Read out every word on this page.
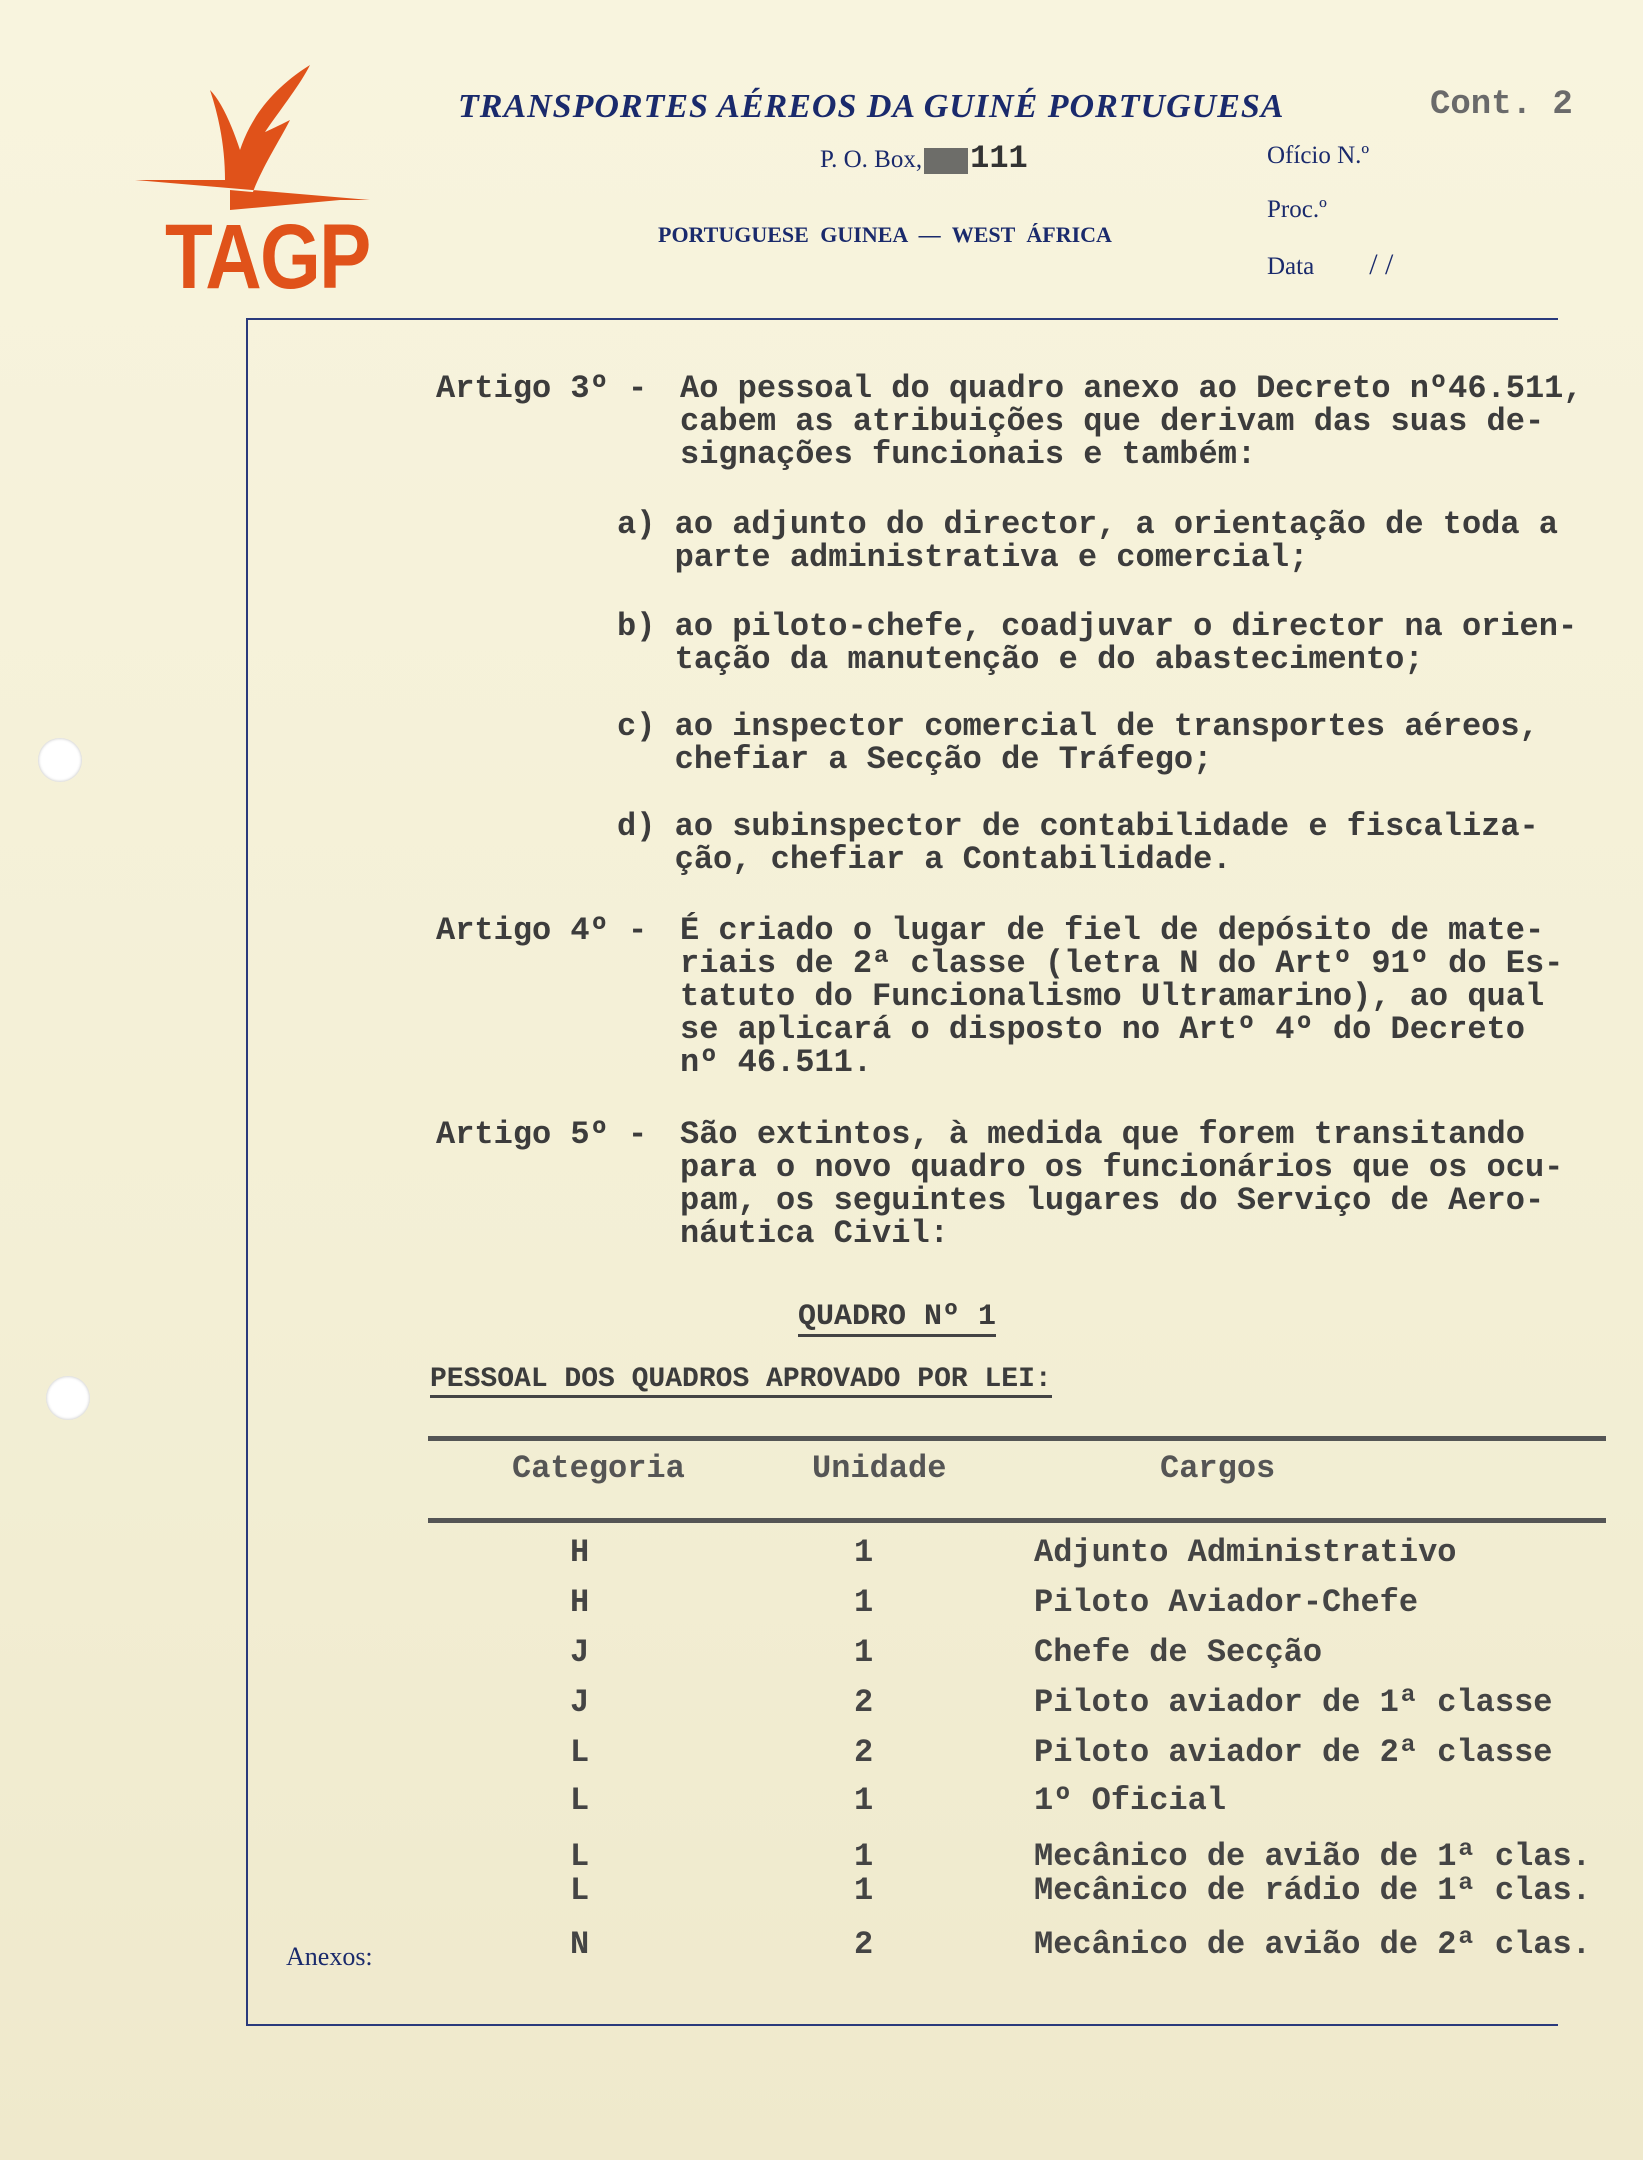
TAGP
TRANSPORTES AÉREOS DA GUINÉ PORTUGUESA	Cont. 2
P. O. Box, 111
PORTUGUESE GUINEA — WEST ÁFRICA
Ofício N.º
Proc.º
Data / /
Artigo 3º - Ao pessoal do quadro anexo ao Decreto nº46.511,
cabem as atribuições que derivam das suas de-
signações funcionais e também:
a) ao adjunto do director, a orientação de toda a
parte administrativa e comercial;
b) ao piloto-chefe, coadjuvar o director na orien-
tação da manutenção e do abastecimento;
c) ao inspector comercial de transportes aéreos,
chefiar a Secção de Tráfego;
d) ao subinspector de contabilidade e fiscaliza-
ção, chefiar a Contabilidade.
Artigo 4º - É criado o lugar de fiel de depósito de mate-
riais de 2ª classe (letra N do Artº 91º do Es-
tatuto do Funcionalismo Ultramarino), ao qual
se aplicará o disposto no Artº 4º do Decreto
nº 46.511.
Artigo 5º - São extintos, à medida que forem transitando
para o novo quadro os funcionários que os ocu-
pam, os seguintes lugares do Serviço de Aero-
náutica Civil:
QUADRO Nº 1
PESSOAL DOS QUADROS APROVADO POR LEI:
Categoria	Unidade	Cargos
H	1	Adjunto Administrativo
H	1	Piloto Aviador-Chefe
J	1	Chefe de Secção
J	2	Piloto aviador de 1ª classe
L	2	Piloto aviador de 2ª classe
L	1	1º Oficial
L	1	Mecânico de avião de 1ª clas.
L	1	Mecânico de rádio de 1ª clas.
N	2	Mecânico de avião de 2ª clas.
Anexos:
